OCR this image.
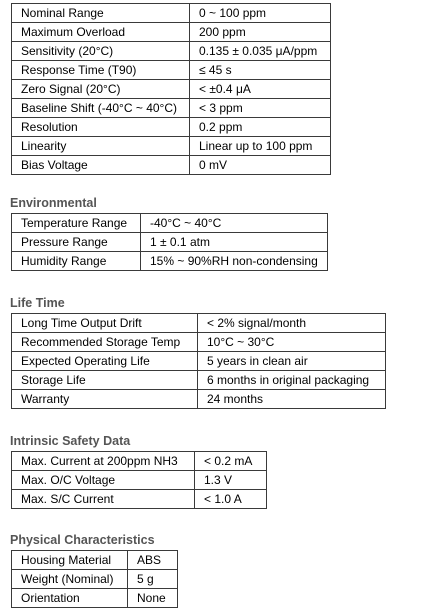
Nominal Range	0 ~ 100 ppm
Maximum Overload	200 ppm
Sensitivity (20°C)	0.135 ± 0.035 μA/ppm
Response Time (T90)	≤ 45 s
Zero Signal (20°C)	< ±0.4 μA
Baseline Shift (-40°C ~ 40°C)	< 3 ppm
Resolution	0.2 ppm
Linearity	Linear up to 100 ppm
Bias Voltage	0 mV
Environmental
Temperature Range	-40°C ~ 40°C
Pressure Range	1 ± 0.1 atm
Humidity Range	15% ~ 90%RH non-condensing
Life Time
Long Time Output Drift	< 2% signal/month
Recommended Storage Temp	10°C ~ 30°C
Expected Operating Life	5 years in clean air
Storage Life	6 months in original packaging
Warranty	24 months
Intrinsic Safety Data
Max. Current at 200ppm NH3	< 0.2 mA
Max. O/C Voltage	1.3 V
Max. S/C Current	< 1.0 A
Physical Characteristics
Housing Material	ABS
Weight (Nominal)	5 g
Orientation	None
